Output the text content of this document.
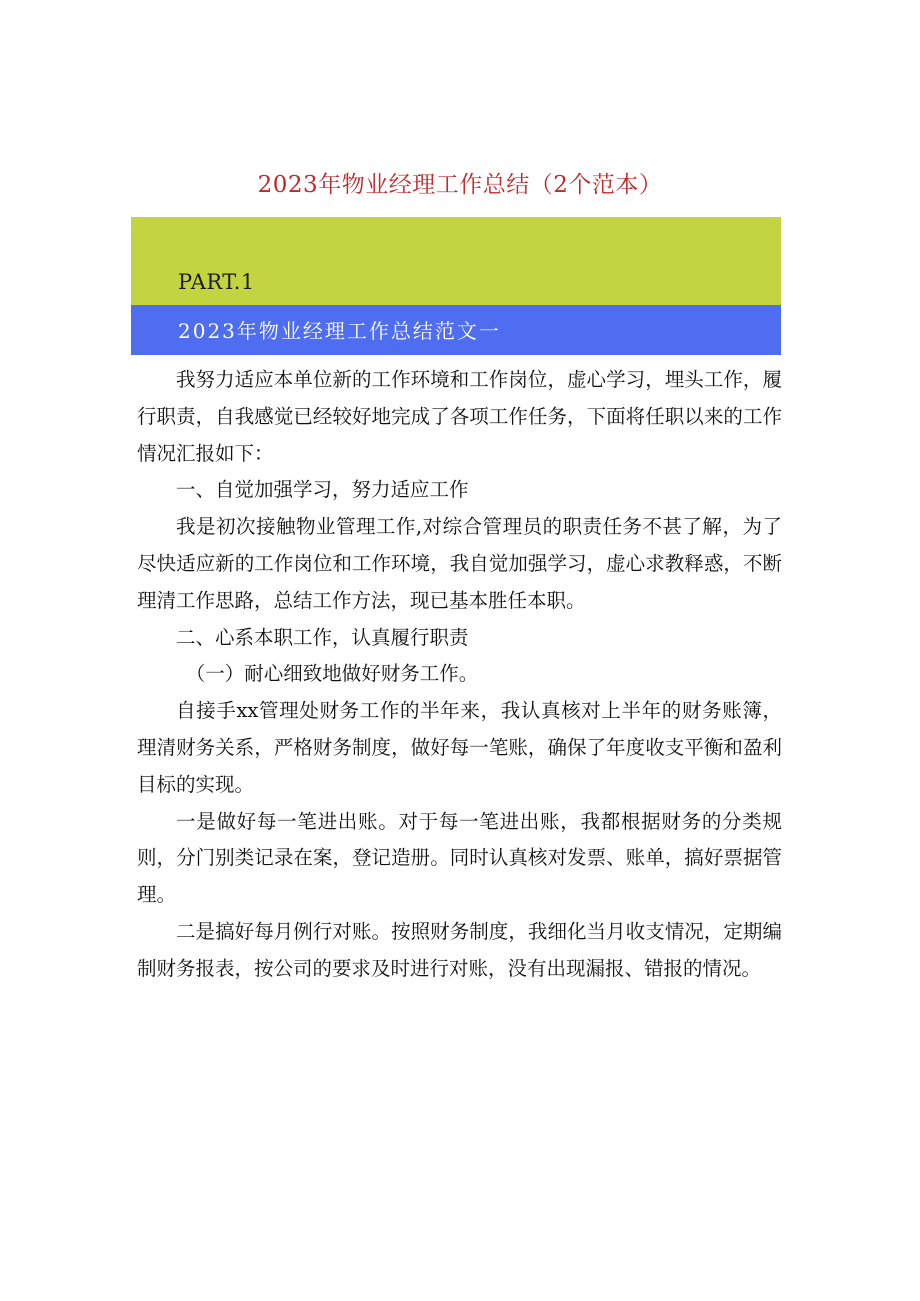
2023年物业经理工作总结（2个范本）
PART.1
2023年物业经理工作总结范文一

我努力适应本单位新的工作环境和工作岗位，虚心学习，埋头工作，履行职责，自我感觉已经较好地完成了各项工作任务，下面将任职以来的工作情况汇报如下：

一、自觉加强学习，努力适应工作

我是初次接触物业管理工作,对综合管理员的职责任务不甚了解，为了尽快适应新的工作岗位和工作环境，我自觉加强学习，虚心求教释惑，不断理清工作思路，总结工作方法，现已基本胜任本职。

二、心系本职工作，认真履行职责

（一）耐心细致地做好财务工作。

自接手xx管理处财务工作的半年来，我认真核对上半年的财务账簿，理清财务关系，严格财务制度，做好每一笔账，确保了年度收支平衡和盈利目标的实现。

一是做好每一笔进出账。对于每一笔进出账，我都根据财务的分类规则，分门别类记录在案，登记造册。同时认真核对发票、账单，搞好票据管理。

二是搞好每月例行对账。按照财务制度，我细化当月收支情况，定期编制财务报表，按公司的要求及时进行对账，没有出现漏报、错报的情况。
